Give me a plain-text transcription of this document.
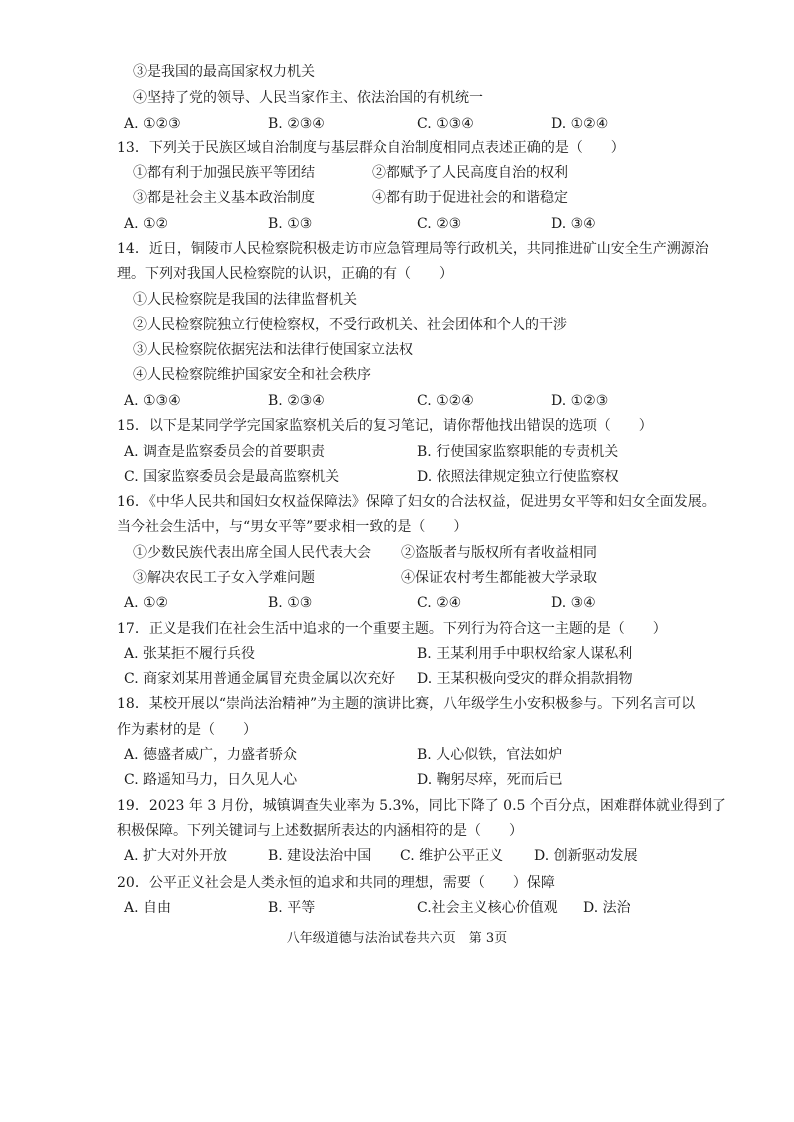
③是我国的最高国家权力机关
④坚持了党的领导、人民当家作主、依法治国的有机统一
A. ①②③	B. ②③④	C. ①③④	D. ①②④
13．下列关于民族区域自治制度与基层群众自治制度相同点表述正确的是（　　）
①都有利于加强民族平等团结	②都赋予了人民高度自治的权利
③都是社会主义基本政治制度	④都有助于促进社会的和谐稳定
A. ①②	B. ①③	C. ②③	D. ③④
14．近日，铜陵市人民检察院积极走访市应急管理局等行政机关，共同推进矿山安全生产溯源治
理。下列对我国人民检察院的认识，正确的有（　　）
①人民检察院是我国的法律监督机关
②人民检察院独立行使检察权，不受行政机关、社会团体和个人的干涉
③人民检察院依据宪法和法律行使国家立法权
④人民检察院维护国家安全和社会秩序
A. ①③④	B. ②③④	C. ①②④	D. ①②③
15．以下是某同学学完国家监察机关后的复习笔记，请你帮他找出错误的选项（　　）
A. 调查是监察委员会的首要职责	B. 行使国家监察职能的专责机关
C. 国家监察委员会是最高监察机关	D. 依照法律规定独立行使监察权
16．《中华人民共和国妇女权益保障法》保障了妇女的合法权益，促进男女平等和妇女全面发展。
当今社会生活中，与“男女平等”要求相一致的是（　　）
①少数民族代表出席全国人民代表大会 ②盗版者与版权所有者收益相同
③解决农民工子女入学难问题	④保证农村考生都能被大学录取
A. ①②	B. ①③	C. ②④	D. ③④
17．正义是我们在社会生活中追求的一个重要主题。下列行为符合这一主题的是（　　）
A. 张某拒不履行兵役	B. 王某利用手中职权给家人谋私利
C. 商家刘某用普通金属冒充贵金属以次充好 D. 王某积极向受灾的群众捐款捐物
18．某校开展以“崇尚法治精神”为主题的演讲比赛，八年级学生小安积极参与。下列名言可以
作为素材的是（　　）
A. 德盛者威广，力盛者骄众	B. 人心似铁，官法如炉
C. 路遥知马力，日久见人心	D. 鞠躬尽瘁，死而后已
19．2023 年 3 月份，城镇调查失业率为 5.3%，同比下降了 0.5 个百分点，困难群体就业得到了
积极保障。下列关键词与上述数据所表达的内涵相符的是（　　）
A. 扩大对外开放	B. 建设法治中国 C. 维护公平正义 D. 创新驱动发展
20．公平正义社会是人类永恒的追求和共同的理想，需要（　　）保障
A. 自由	B. 平等	C.社会主义核心价值观 D. 法治
八年级道德与法治试卷共六页　第 3页
